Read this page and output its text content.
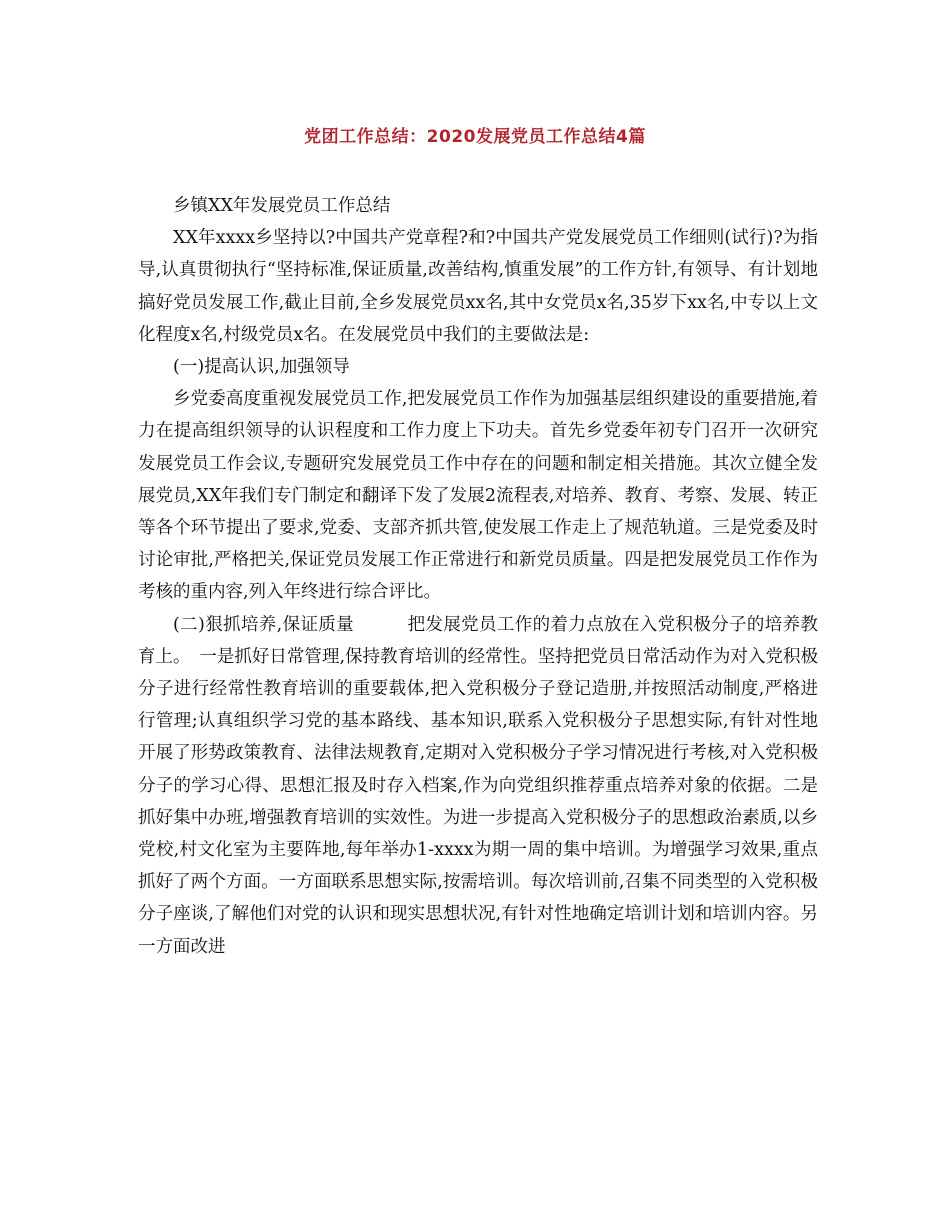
党团工作总结：2020发展党员工作总结4篇

乡镇XX年发展党员工作总结

XX年xxxx乡坚持以?中国共产党章程?和?中国共产党发展党员工作细则(试行)?为指导,认真贯彻执行“坚持标准,保证质量,改善结构,慎重发展”的工作方针,有领导、有计划地搞好党员发展工作,截止目前,全乡发展党员xx名,其中女党员x名,35岁下xx名,中专以上文化程度x名,村级党员x名。在发展党员中我们的主要做法是:

(一)提高认识,加强领导

乡党委高度重视发展党员工作,把发展党员工作作为加强基层组织建设的重要措施,着力在提高组织领导的认识程度和工作力度上下功夫。首先乡党委年初专门召开一次研究发展党员工作会议,专题研究发展党员工作中存在的问题和制定相关措施。其次立健全发展党员,XX年我们专门制定和翻译下发了发展2流程表,对培养、教育、考察、发展、转正等各个环节提出了要求,党委、支部齐抓共管,使发展工作走上了规范轨道。三是党委及时讨论审批,严格把关,保证党员发展工作正常进行和新党员质量。四是把发展党员工作作为考核的重内容,列入年终进行综合评比。

(二)狠抓培养,保证质量　　　把发展党员工作的着力点放在入党积极分子的培养教育上。　一是抓好日常管理,保持教育培训的经常性。坚持把党员日常活动作为对入党积极分子进行经常性教育培训的重要载体,把入党积极分子登记造册,并按照活动制度,严格进行管理;认真组织学习党的基本路线、基本知识,联系入党积极分子思想实际,有针对性地开展了形势政策教育、法律法规教育,定期对入党积极分子学习情况进行考核,对入党积极分子的学习心得、思想汇报及时存入档案,作为向党组织推荐重点培养对象的依据。二是抓好集中办班,增强教育培训的实效性。为进一步提高入党积极分子的思想政治素质,以乡党校,村文化室为主要阵地,每年举办1-xxxx为期一周的集中培训。为增强学习效果,重点抓好了两个方面。一方面联系思想实际,按需培训。每次培训前,召集不同类型的入党积极分子座谈,了解他们对党的认识和现实思想状况,有针对性地确定培训计划和培训内容。另一方面改进
